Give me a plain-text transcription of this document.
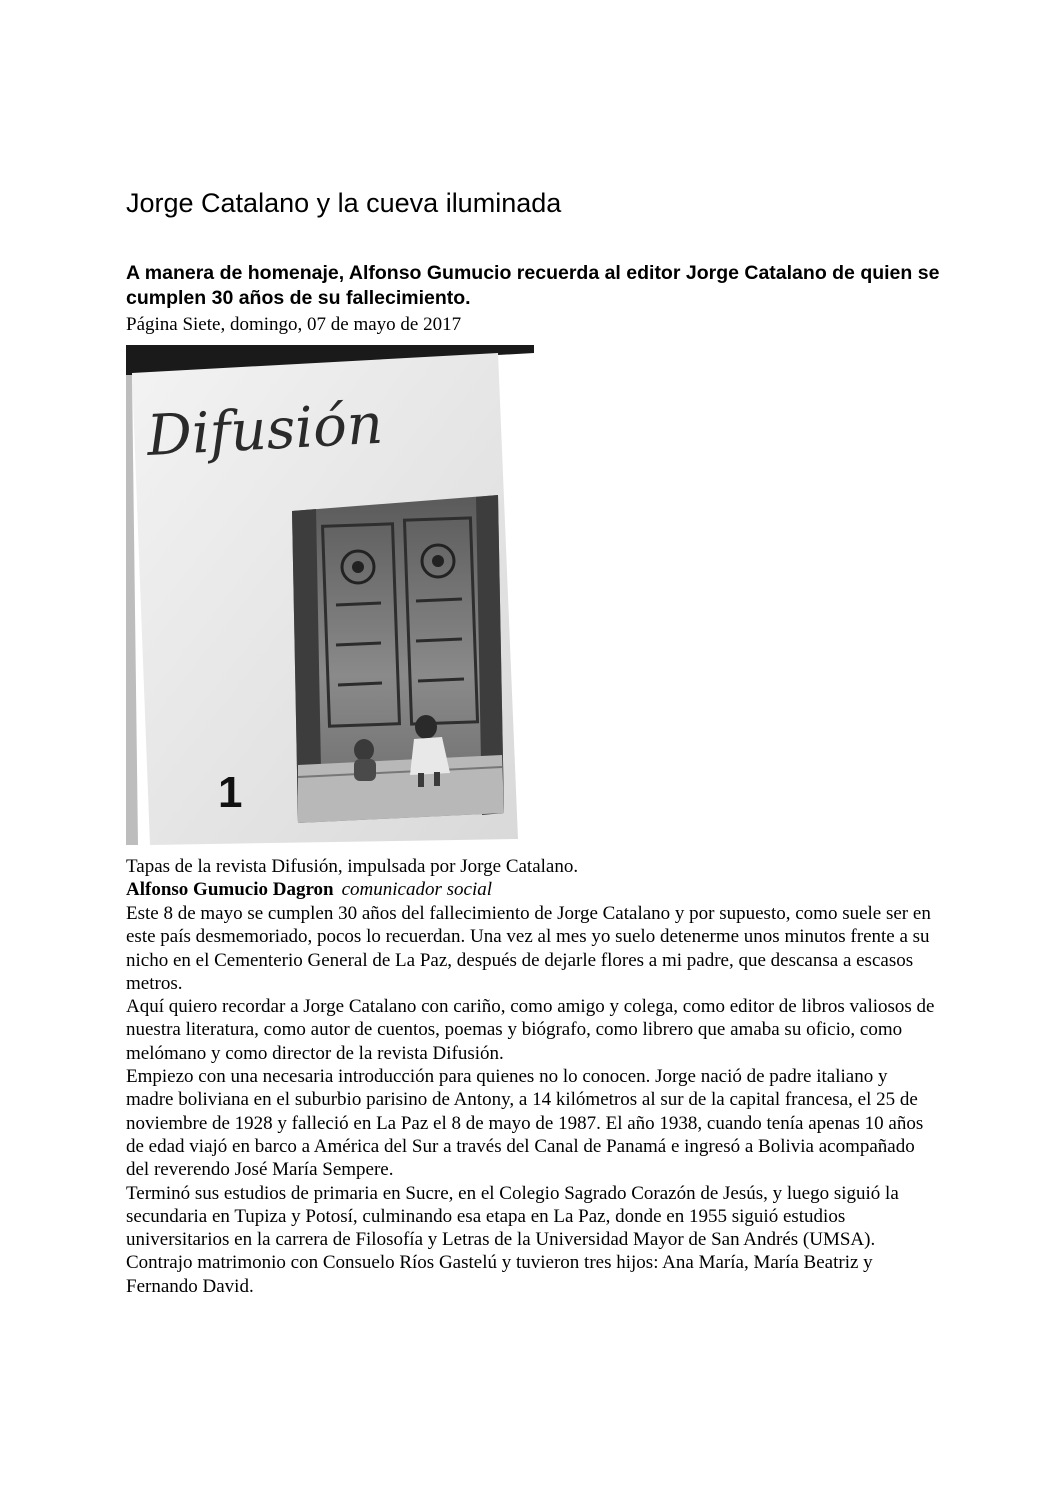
Jorge Catalano y la cueva iluminada

A manera de homenaje, Alfonso Gumucio recuerda al editor Jorge Catalano de quien se cumplen 30 años de su fallecimiento.

Página Siete, domingo, 07 de mayo de 2017
Difusión
1
Tapas de la revista Difusión, impulsada por Jorge Catalano.
Alfonso Gumucio Dagron comunicador social

Este 8 de mayo se cumplen 30 años del fallecimiento de Jorge Catalano y por supuesto, como suele ser en este país desmemoriado, pocos lo recuerdan. Una vez al mes yo suelo detenerme unos minutos frente a su nicho en el Cementerio General de La Paz, después de dejarle flores a mi padre, que descansa a escasos metros.

Aquí quiero recordar a Jorge Catalano con cariño, como amigo y colega, como editor de libros valiosos de nuestra literatura, como autor de cuentos, poemas y biógrafo, como librero que amaba su oficio, como melómano y como director de la revista Difusión.

Empiezo con una necesaria introducción para quienes no lo conocen. Jorge nació de padre italiano y madre boliviana en el suburbio parisino de Antony, a 14 kilómetros al sur de la capital francesa, el 25 de noviembre de 1928 y falleció en La Paz el 8 de mayo de 1987. El año 1938, cuando tenía apenas 10 años de edad viajó en barco a América del Sur a través del Canal de Panamá e ingresó a Bolivia acompañado del reverendo José María Sempere.

Terminó sus estudios de primaria en Sucre, en el Colegio Sagrado Corazón de Jesús, y luego siguió la secundaria en Tupiza y Potosí, culminando esa etapa en La Paz, donde en 1955 siguió estudios universitarios en la carrera de Filosofía y Letras de la Universidad Mayor de San Andrés (UMSA). Contrajo matrimonio con Consuelo Ríos Gastelú y tuvieron tres hijos: Ana María, María Beatriz y Fernando David.
